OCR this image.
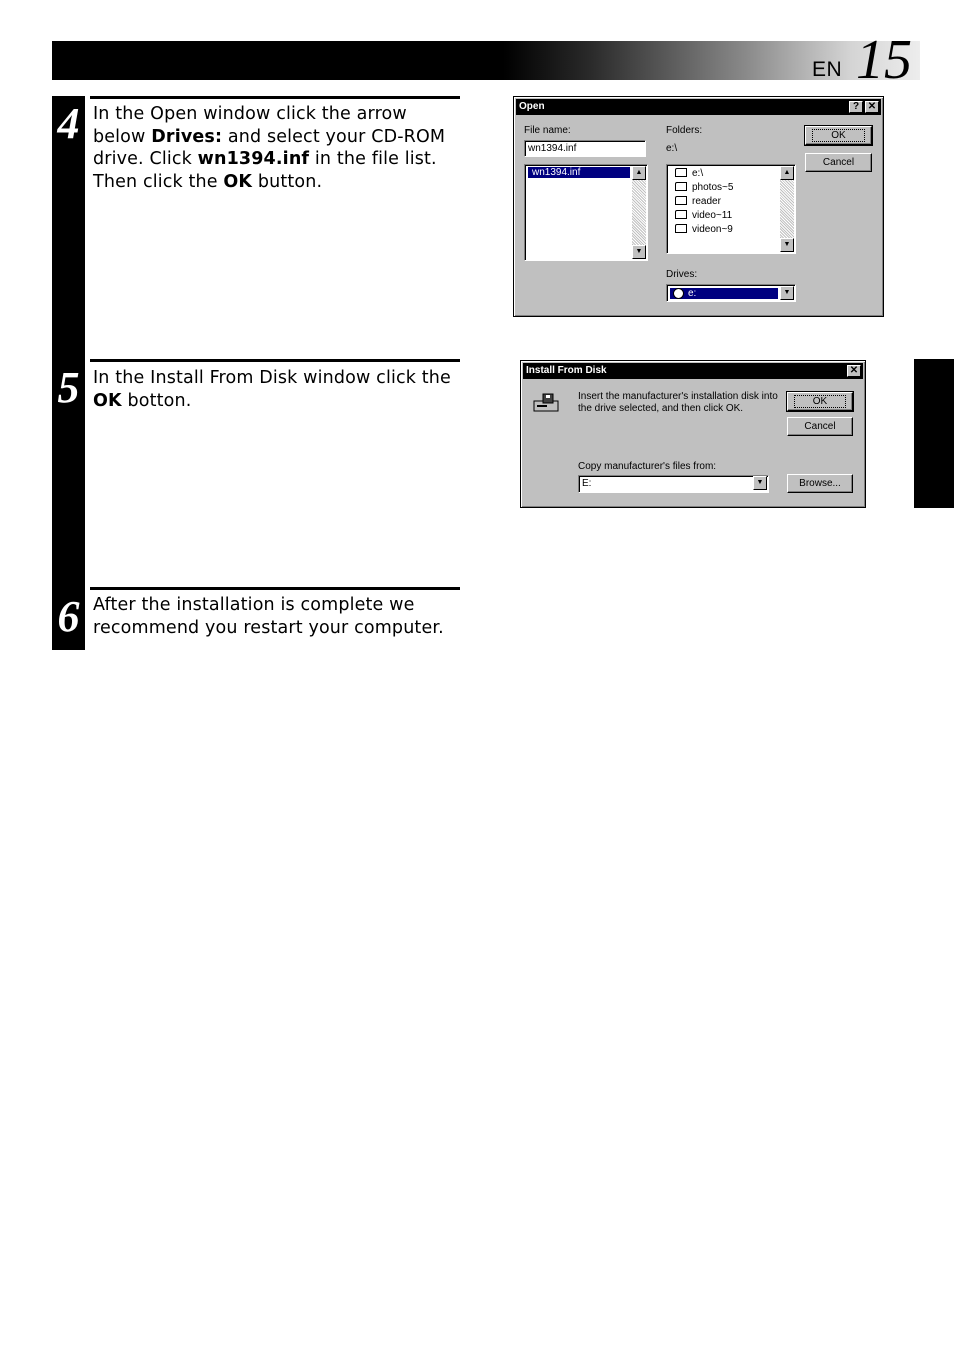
EN 15
4 In the Open window click the arrow below Drives: and select your CD-ROM drive. Click wn1394.inf in the file list. Then click the OK button.
5 In the Install From Disk window click the OK botton.
6 After the installation is complete we recommend you restart your computer.
Open	? ✕
File name:
wn1394.inf
wn1394.inf	▲
▼
Folders:
e:\
e:\
photos~5
reader
video~11
videon~9
▲
▼
Drives:
e:	▼
OK
Cancel
Install From Disk	✕
Insert the manufacturer's installation disk into the drive selected, and then click OK.
OK
Cancel
Copy manufacturer's files from:
E:	▼	Browse...
